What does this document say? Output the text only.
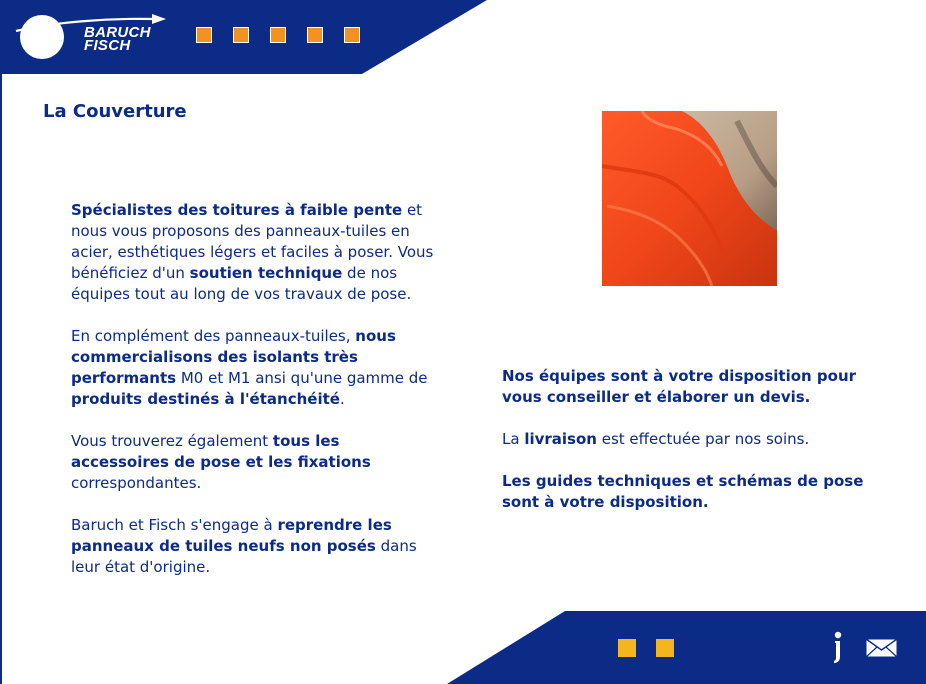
BARUCH
FISCH
La Couverture

Spécialistes des toitures à faible pente et nous vous proposons des panneaux-tuiles en acier, esthétiques légers et faciles à poser. Vous bénéficiez d'un soutien technique de nos équipes tout au long de vos travaux de pose.

En complément des panneaux-tuiles, nous commercialisons des isolants très performants M0 et M1 ansi qu'une gamme de produits destinés à l'étanchéité.

Vous trouverez également tous les accessoires de pose et les fixations correspondantes.

Baruch et Fisch s'engage à reprendre les panneaux de tuiles neufs non posés dans leur état d'origine.

Nos équipes sont à votre disposition pour vous conseiller et élaborer un devis.

La livraison est effectuée par nos soins.

Les guides techniques et schémas de pose sont à votre disposition.
